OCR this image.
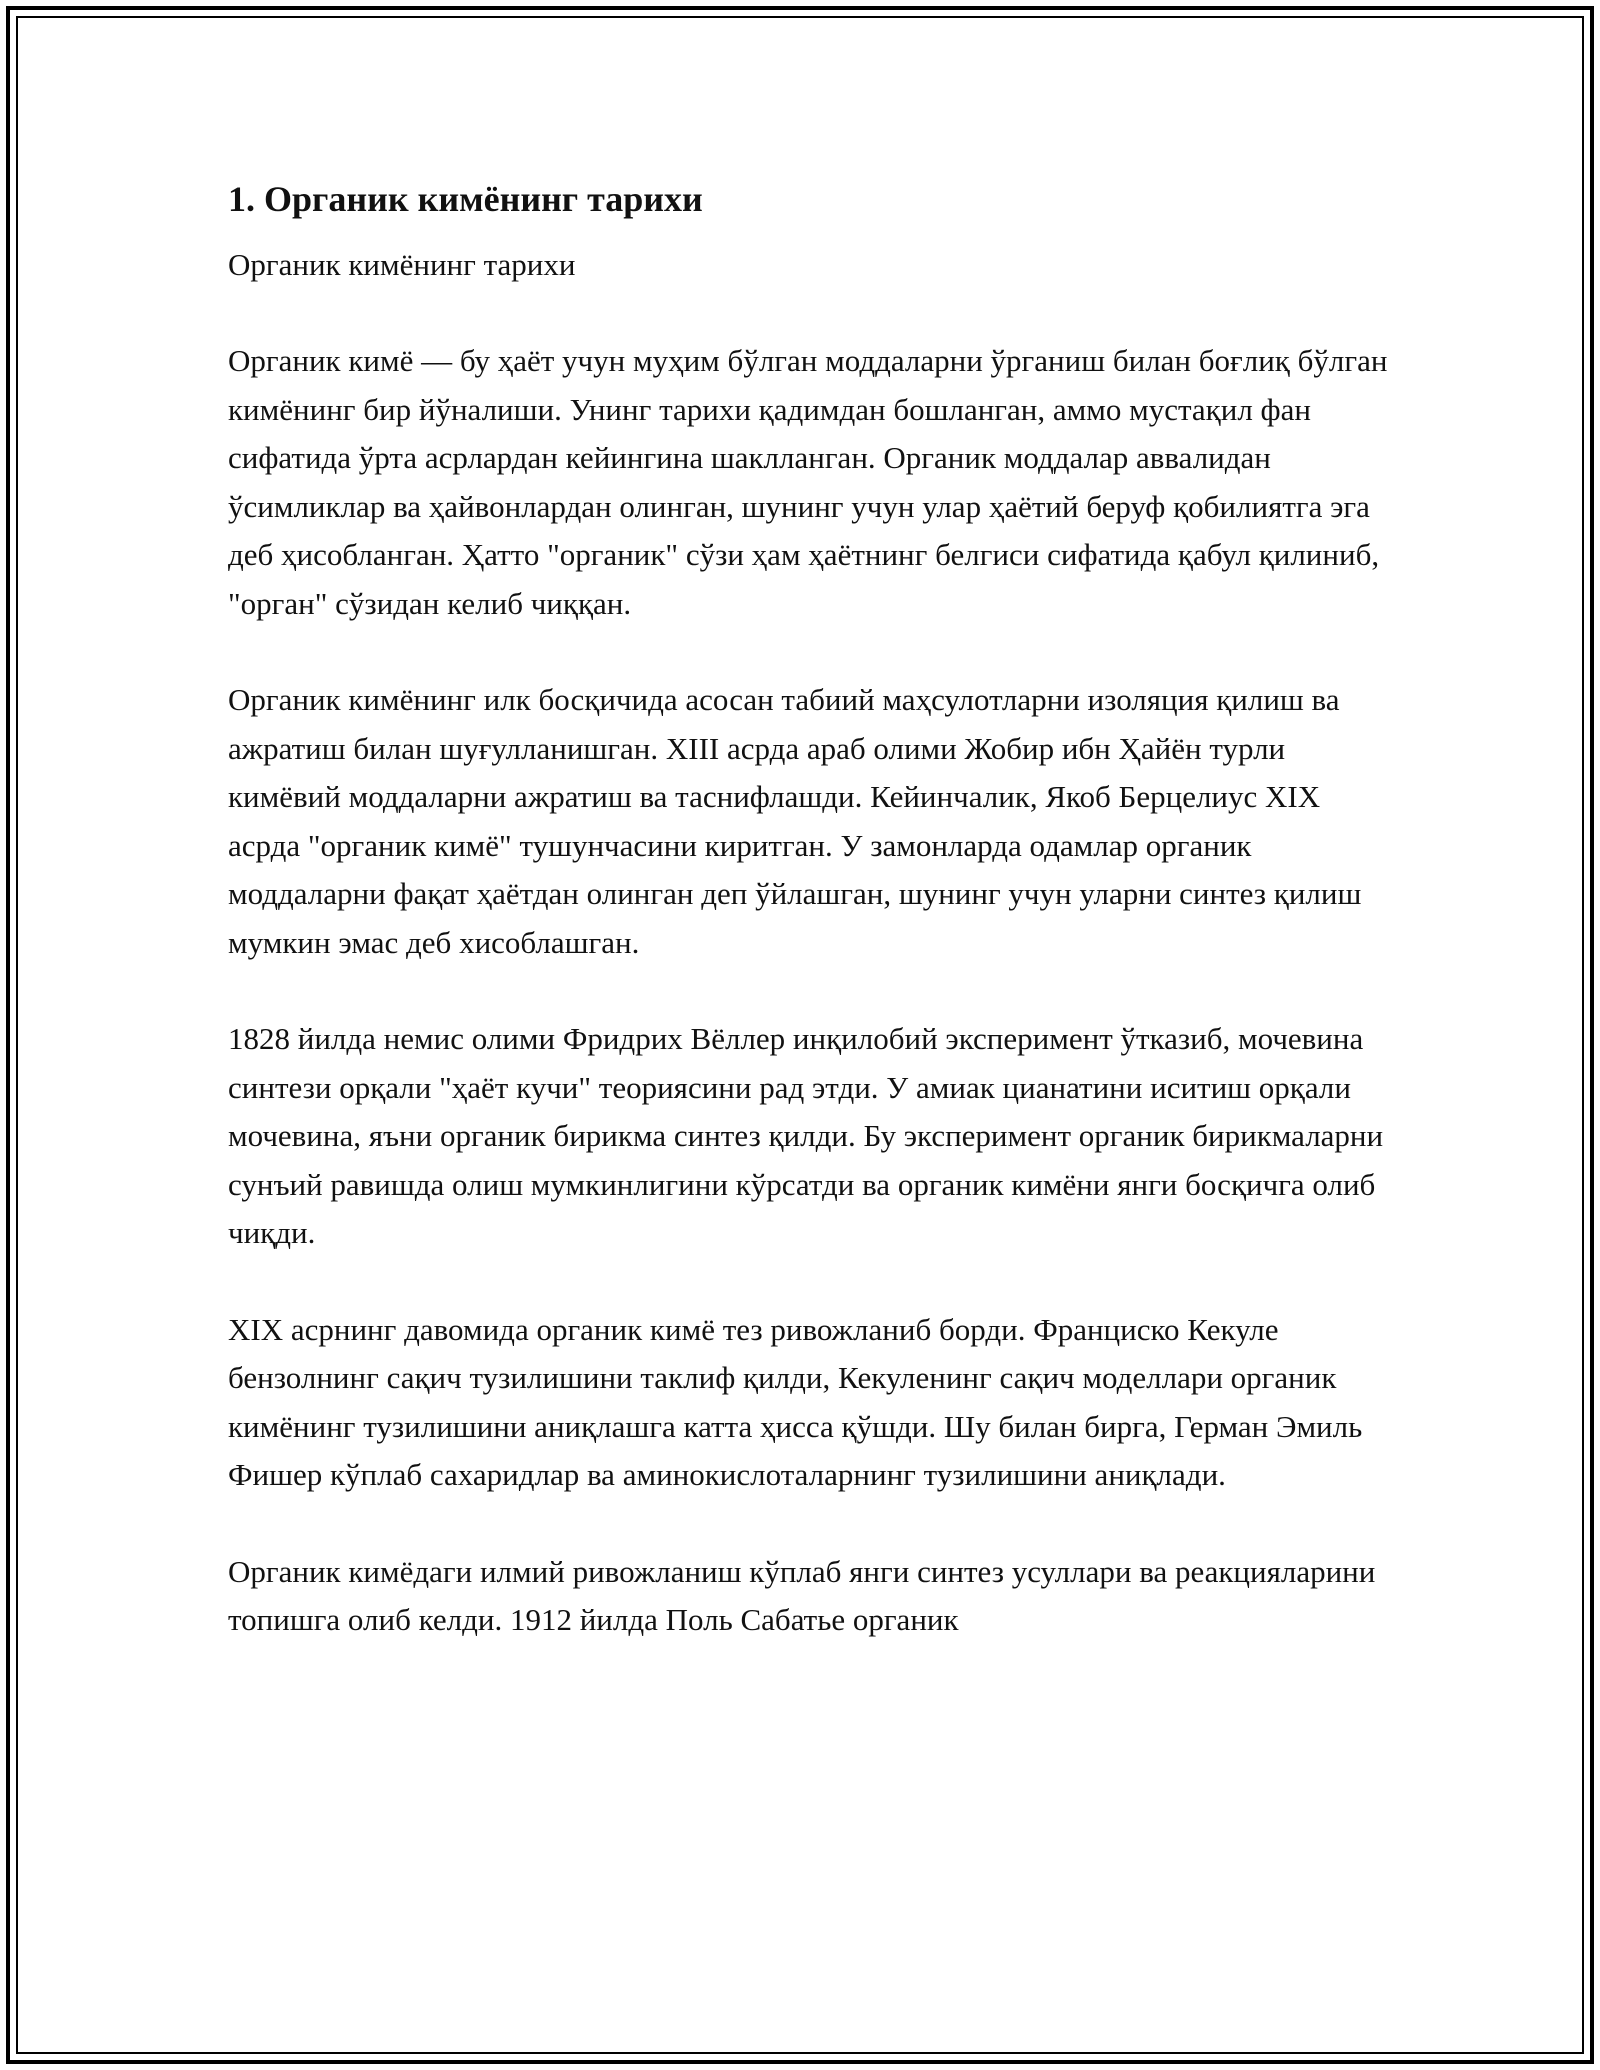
1. Органик кимёнинг тарихи

Органик кимёнинг тарихи

Органик кимё — бу ҳаёт учун муҳим бўлган моддаларни ўрганиш билан боғлиқ бўлган кимёнинг бир йўналиши. Унинг тарихи қадимдан бошланган, аммо мустақил фан сифатида ўрта асрлардан кейингина шаклланган. Органик моддалар аввалидан ўсимликлар ва ҳайвонлардан олинган, шунинг учун улар ҳаётий беруф қобилиятга эга деб ҳисобланган. Ҳатто "органик" сўзи ҳам ҳаётнинг белгиси сифатида қабул қилиниб, "орган" сўзидан келиб чиққан.

Органик кимёнинг илк босқичида асосан табиий маҳсулотларни изоляция қилиш ва ажратиш билан шуғулланишган. XIII асрда араб олими Жобир ибн Ҳайён турли кимёвий моддаларни ажратиш ва таснифлашди. Кейинчалик, Якоб Берцелиус XIX асрда "органик кимё" тушунчасини киритган. У замонларда одамлар органик моддаларни фақат ҳаётдан олинган деп ўйлашган, шунинг учун уларни синтез қилиш мумкин эмас деб хисоблашган.

1828 йилда немис олими Фридрих Вёллер инқилобий эксперимент ўтказиб, мочевина синтези орқали "ҳаёт кучи" теориясини рад этди. У амиак цианатини иситиш орқали мочевина, яъни органик бирикма синтез қилди. Бу эксперимент органик бирикмаларни сунъий равишда олиш мумкинлигини кўрсатди ва органик кимёни янги босқичга олиб чиқди.

XIX асрнинг давомида органик кимё тез ривожланиб борди. Франциско Кекуле бензолнинг сақич тузилишини таклиф қилди, Кекуленинг сақич моделлари органик кимёнинг тузилишини аниқлашга катта ҳисса қўшди. Шу билан бирга, Герман Эмиль Фишер кўплаб сахаридлар ва аминокислоталарнинг тузилишини аниқлади.

Органик кимёдаги илмий ривожланиш кўплаб янги синтез усуллари ва реакцияларини топишга олиб келди. 1912 йилда Поль Сабатье органик
